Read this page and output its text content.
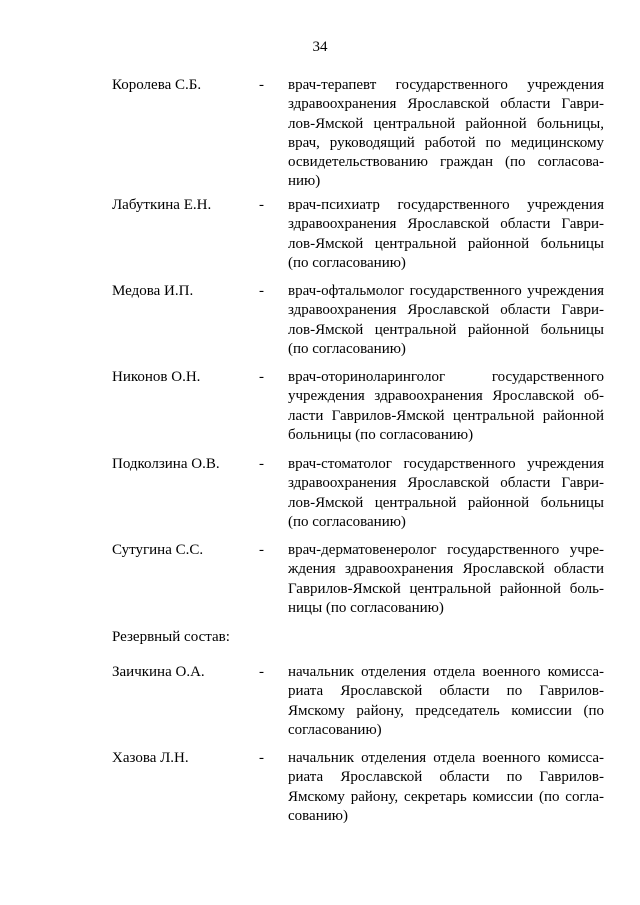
34
Королева С.Б.	- врач-терапевт государственного учреждения
здравоохранения Ярославской области Гаври-
лов-Ямской центральной районной больницы,
врач, руководящий работой по медицинскому
освидетельствованию граждан (по согласова-
нию)
Лабуткина Е.Н.	- врач-психиатр государственного учреждения
здравоохранения Ярославской области Гаври-
лов-Ямской центральной районной больницы
(по согласованию)
Медова И.П.	- врач-офтальмолог государственного учреждения
здравоохранения Ярославской области Гаври-
лов-Ямской центральной районной больницы
(по согласованию)
Никонов О.Н.	- врач-оториноларинголог государственного
учреждения здравоохранения Ярославской об-
ласти Гаврилов-Ямской центральной районной
больницы (по согласованию)
Подколзина О.В.	- врач-стоматолог государственного учреждения
здравоохранения Ярославской области Гаври-
лов-Ямской центральной районной больницы
(по согласованию)
Сутугина С.С.	- врач-дерматовенеролог государственного учре-
ждения здравоохранения Ярославской области
Гаврилов-Ямской центральной районной боль-
ницы (по согласованию)
Резервный состав:
Заичкина О.А.	- начальник отделения отдела военного комисса-
риата Ярославской области по Гаврилов-
Ямскому району, председатель комиссии (по
согласованию)
Хазова Л.Н.	- начальник отделения отдела военного комисса-
риата Ярославской области по Гаврилов-
Ямскому району, секретарь комиссии (по согла-
сованию)
